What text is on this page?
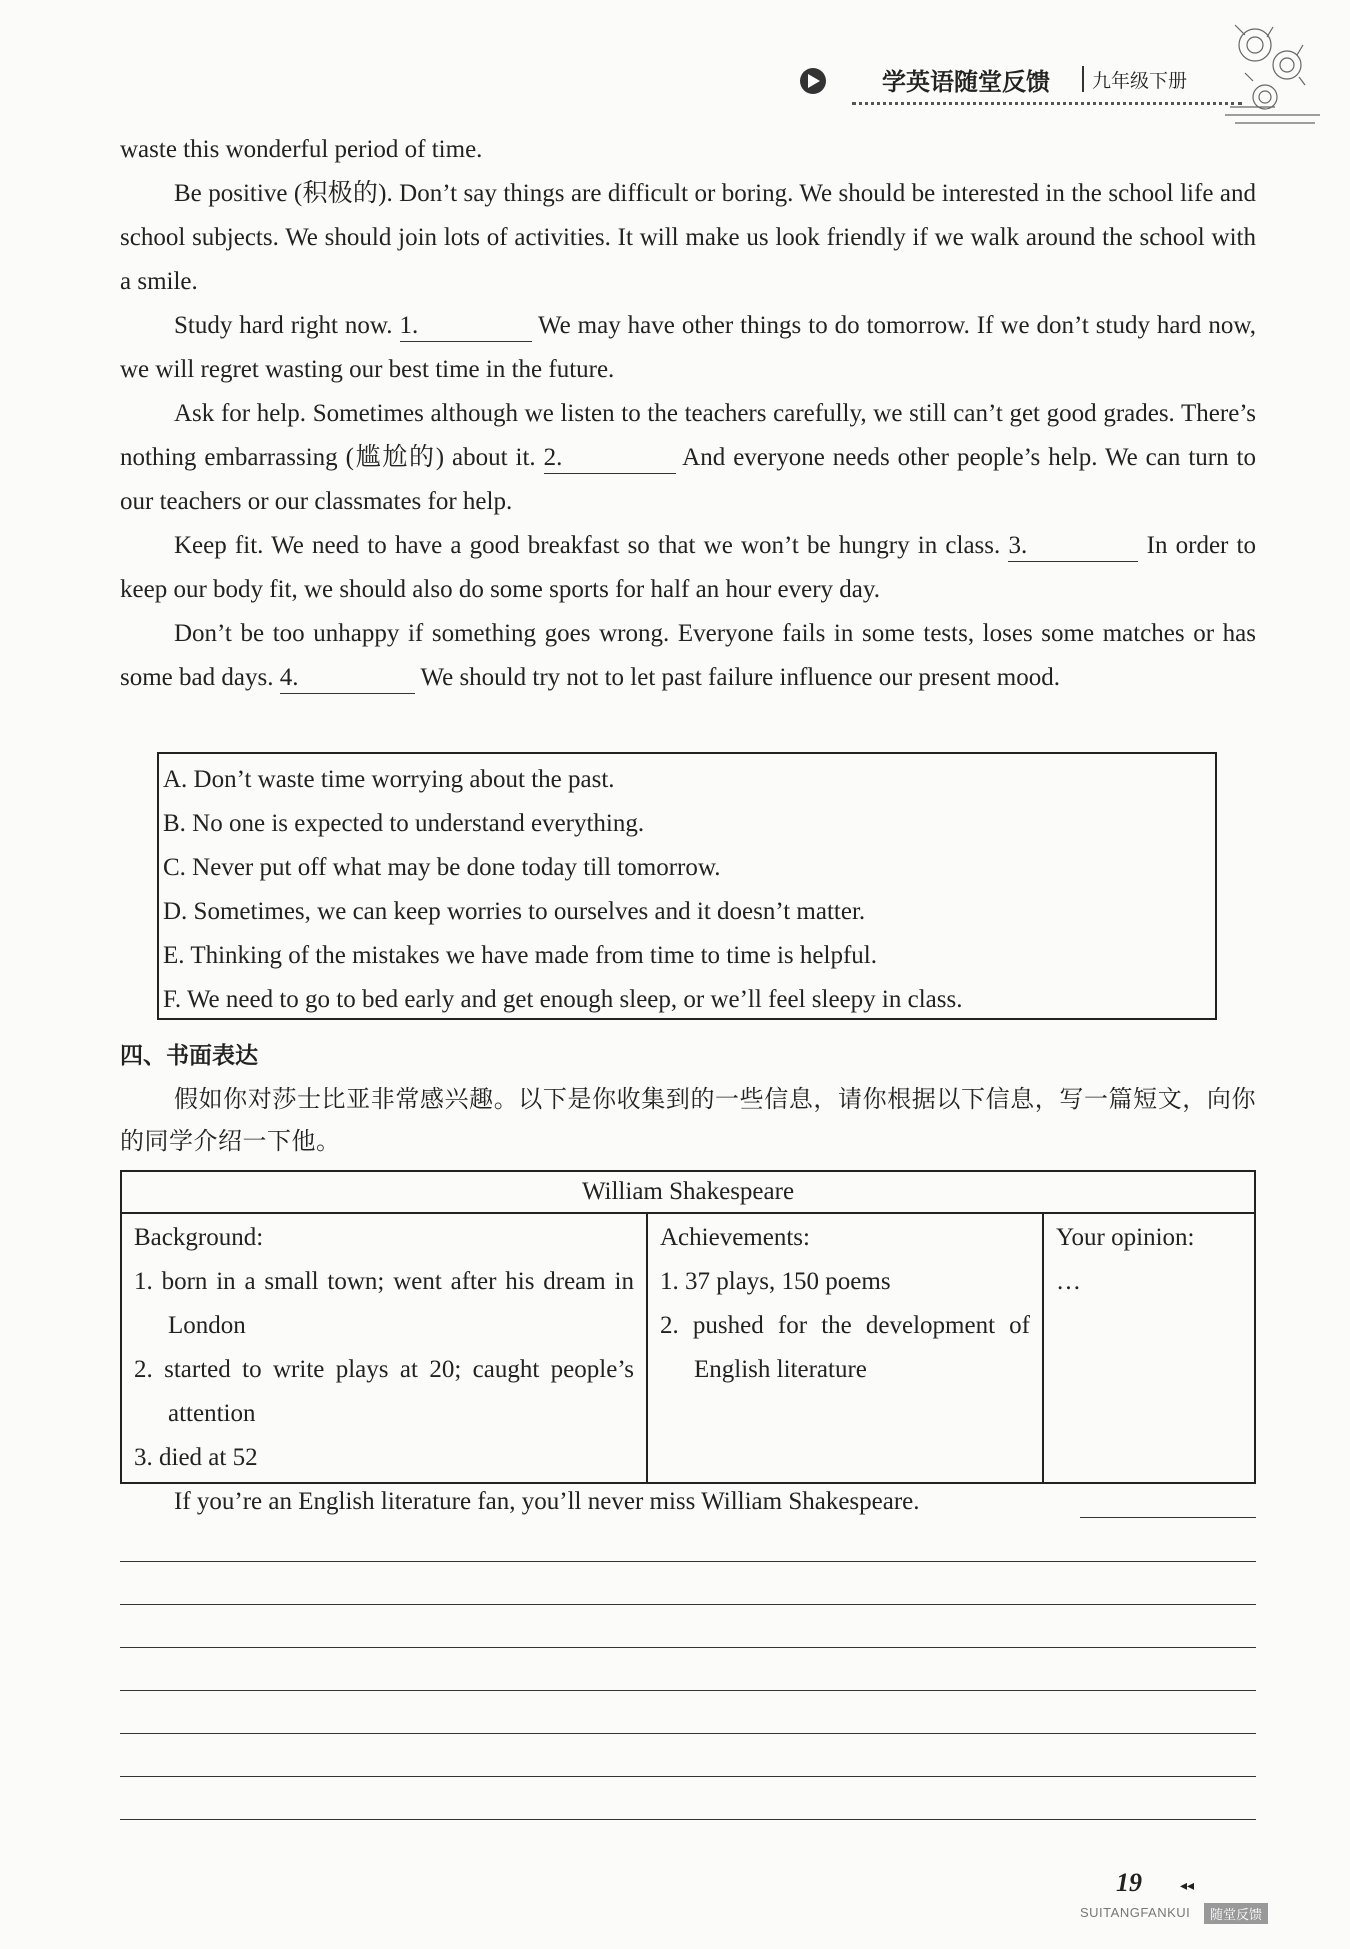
学英语随堂反馈 九年级下册

waste this wonderful period of time.

Be positive (积极的). Don’t say things are difficult or boring. We should be interested in the school life and school subjects. We should join lots of activities. It will make us look friendly if we walk around the school with a smile.

Study hard right now. 1.	We may have other things to do tomorrow. If we don’t study hard now, we will regret wasting our best time in the future.

Ask for help. Sometimes although we listen to the teachers carefully, we still can’t get good grades. There’s nothing embarrassing (尴尬的) about it. 2.	And everyone needs other people’s help. We can turn to our teachers or our classmates for help.

Keep fit. We need to have a good breakfast so that we won’t be hungry in class. 3.	In order to keep our body fit, we should also do some sports for half an hour every day.

Don’t be too unhappy if something goes wrong. Everyone fails in some tests, loses some matches or has some bad days. 4.	We should try not to let past failure influence our present mood.

A. Don’t waste time worrying about the past.
B. No one is expected to understand everything.
C. Never put off what may be done today till tomorrow.
D. Sometimes, we can keep worries to ourselves and it doesn’t matter.
E. Thinking of the mistakes we have made from time to time is helpful.
F. We need to go to bed early and get enough sleep, or we’ll feel sleepy in class.
四、书面表达

假如你对莎士比亚非常感兴趣。以下是你收集到的一些信息，请你根据以下信息，写一篇短文，向你的同学介绍一下他。

William Shakespeare

Background:
1. born in a small town; went after his dream in London
2. started to write plays at 20; caught people’s attention
3. died at 52

Achievements:
1. 37 plays, 150 poems
2. pushed for the development of English literature

Your opinion:
…
If you’re an English literature fan, you’ll never miss William Shakespeare.
19	◂◂
SUITANGFANKUI	随堂反馈
